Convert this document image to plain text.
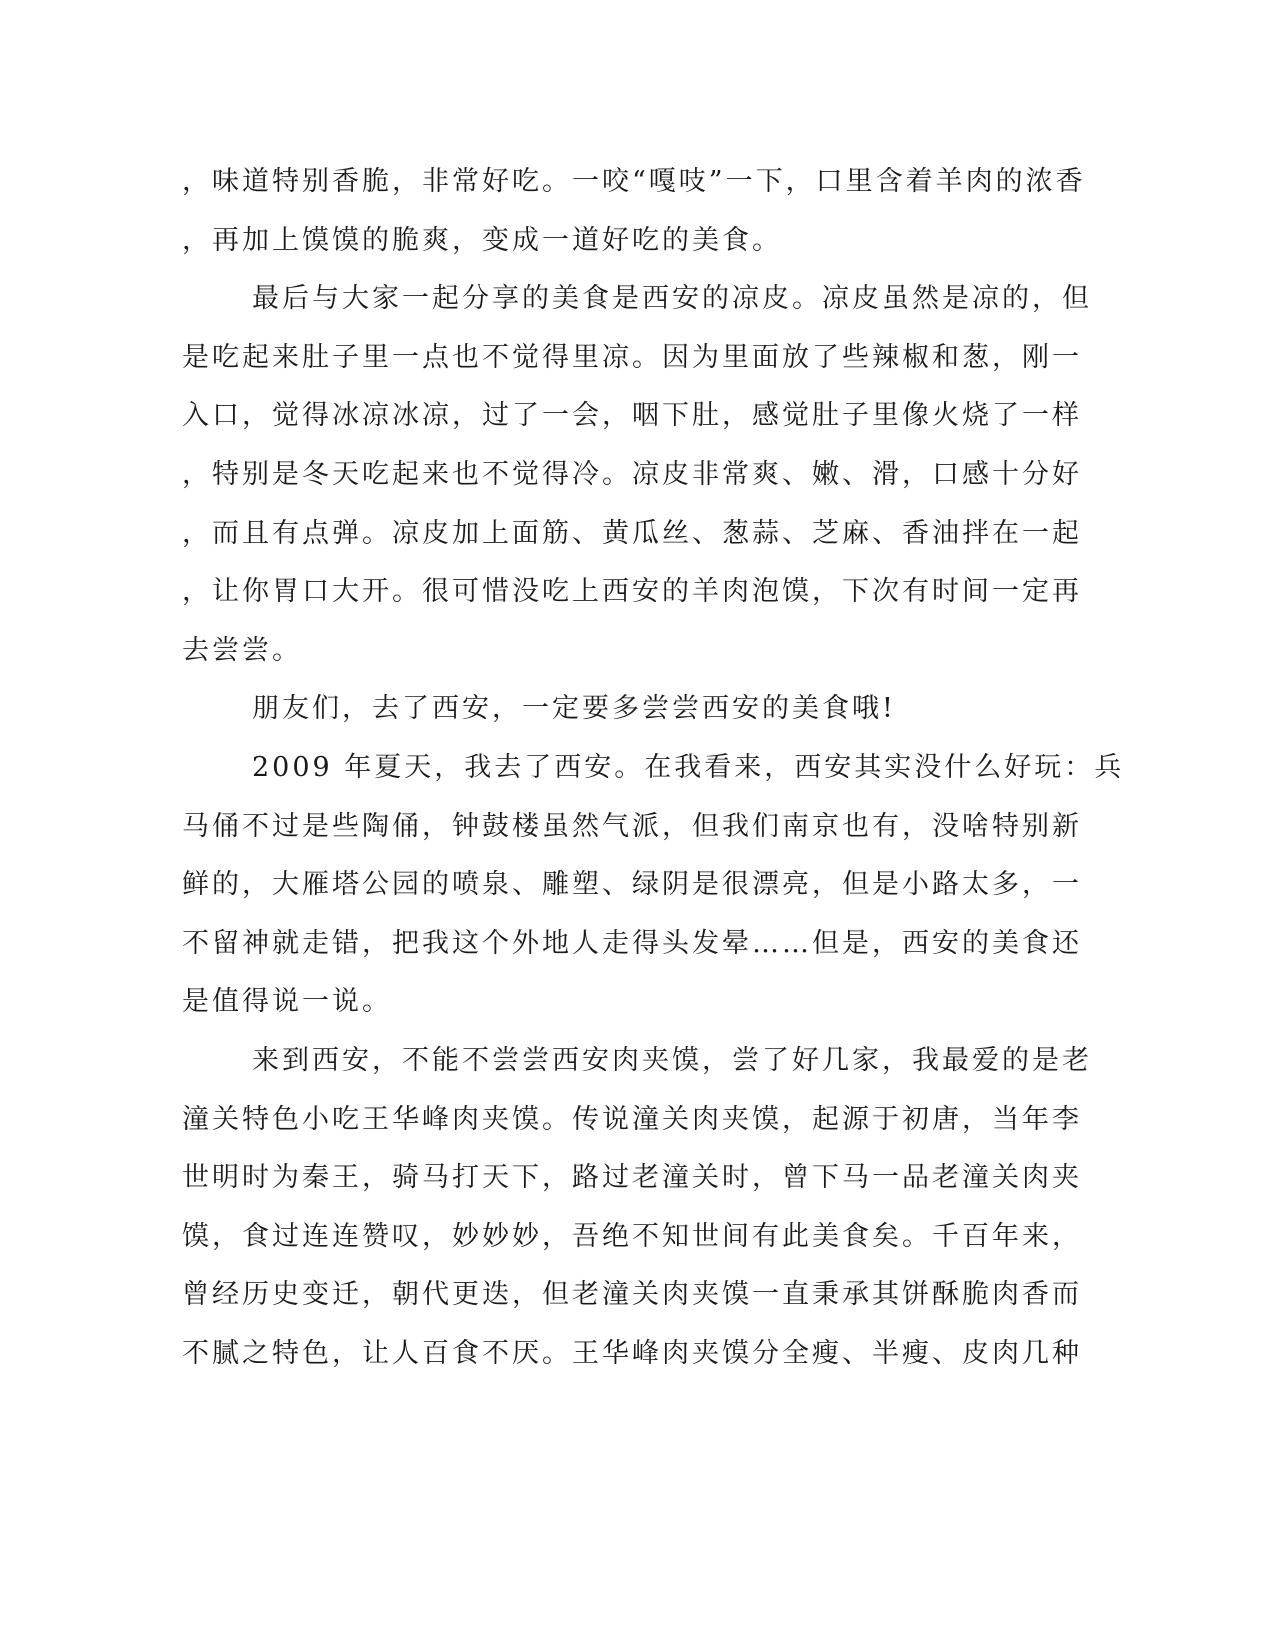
，味道特别香脆，非常好吃。一咬“嘎吱”一下，口里含着羊肉的浓香
，再加上馍馍的脆爽，变成一道好吃的美食。
最后与大家一起分享的美食是西安的凉皮。凉皮虽然是凉的，但
是吃起来肚子里一点也不觉得里凉。因为里面放了些辣椒和葱，刚一
入口，觉得冰凉冰凉，过了一会，咽下肚，感觉肚子里像火烧了一样
，特别是冬天吃起来也不觉得冷。凉皮非常爽、嫩、滑，口感十分好
，而且有点弹。凉皮加上面筋、黄瓜丝、葱蒜、芝麻、香油拌在一起
，让你胃口大开。很可惜没吃上西安的羊肉泡馍，下次有时间一定再
去尝尝。
朋友们，去了西安，一定要多尝尝西安的美食哦!
2009 年夏天，我去了西安。在我看来，西安其实没什么好玩：兵
马俑不过是些陶俑，钟鼓楼虽然气派，但我们南京也有，没啥特别新
鲜的，大雁塔公园的喷泉、雕塑、绿阴是很漂亮，但是小路太多，一
不留神就走错，把我这个外地人走得头发晕……但是，西安的美食还
是值得说一说。
来到西安，不能不尝尝西安肉夹馍，尝了好几家，我最爱的是老
潼关特色小吃王华峰肉夹馍。传说潼关肉夹馍，起源于初唐，当年李
世明时为秦王，骑马打天下，路过老潼关时，曾下马一品老潼关肉夹
馍，食过连连赞叹，妙妙妙，吾绝不知世间有此美食矣。千百年来，
曾经历史变迁，朝代更迭，但老潼关肉夹馍一直秉承其饼酥脆肉香而
不腻之特色，让人百食不厌。王华峰肉夹馍分全瘦、半瘦、皮肉几种
